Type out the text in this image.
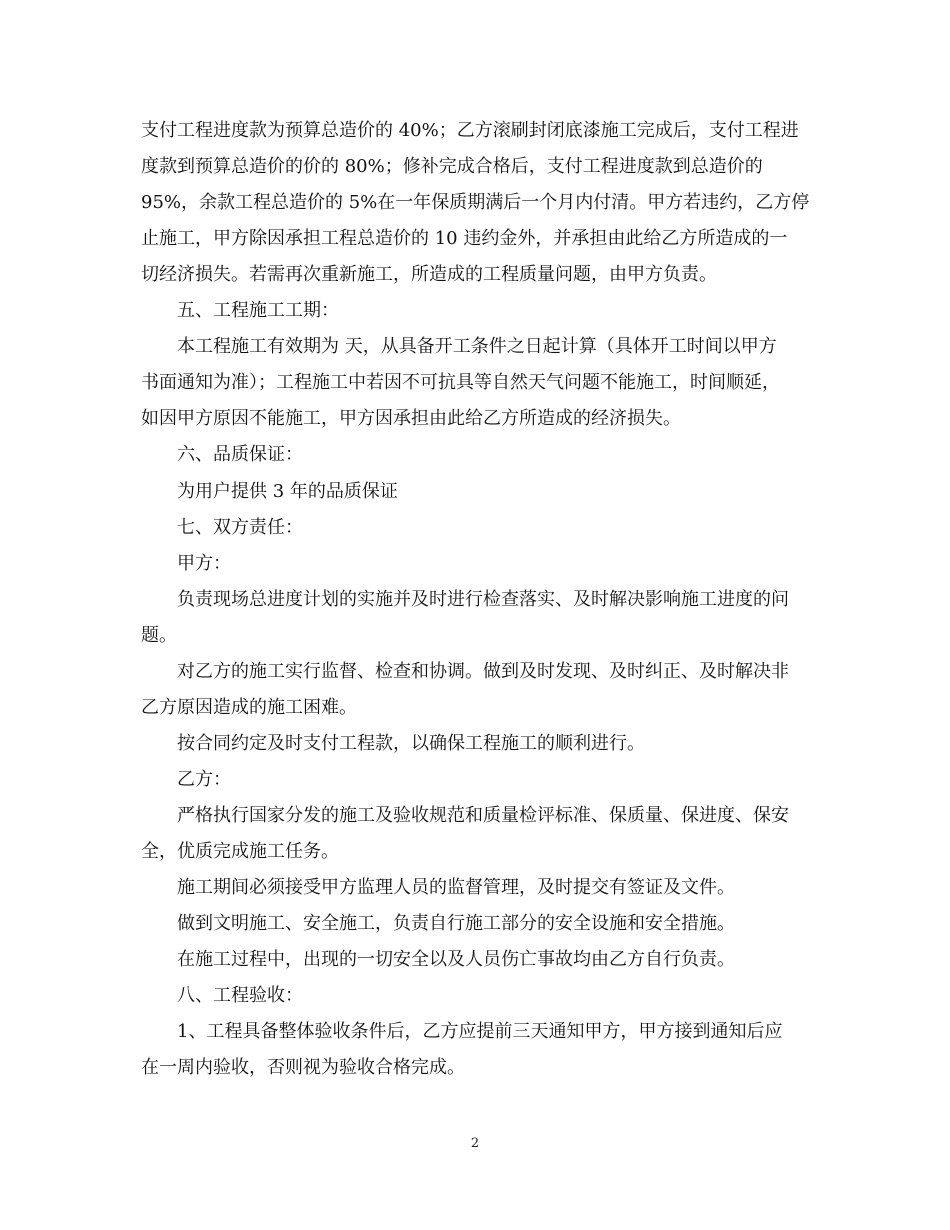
支付工程进度款为预算总造价的 40%；乙方滚刷封闭底漆施工完成后，支付工程进

度款到预算总造价的价的 80%；修补完成合格后，支付工程进度款到总造价的

95%，余款工程总造价的 5%在一年保质期满后一个月内付清。甲方若违约，乙方停

止施工，甲方除因承担工程总造价的 10 违约金外，并承担由此给乙方所造成的一

切经济损失。若需再次重新施工，所造成的工程质量问题，由甲方负责。

五、工程施工工期：

本工程施工有效期为 天，从具备开工条件之日起计算（具体开工时间以甲方

书面通知为准）；工程施工中若因不可抗具等自然天气问题不能施工，时间顺延，

如因甲方原因不能施工，甲方因承担由此给乙方所造成的经济损失。

六、品质保证：

为用户提供 3 年的品质保证

七、双方责任：

甲方：

负责现场总进度计划的实施并及时进行检查落实、及时解决影响施工进度的问

题。

对乙方的施工实行监督、检查和协调。做到及时发现、及时纠正、及时解决非

乙方原因造成的施工困难。

按合同约定及时支付工程款，以确保工程施工的顺利进行。

乙方：

严格执行国家分发的施工及验收规范和质量检评标准、保质量、保进度、保安

全，优质完成施工任务。

施工期间必须接受甲方监理人员的监督管理，及时提交有签证及文件。

做到文明施工、安全施工，负责自行施工部分的安全设施和安全措施。

在施工过程中，出现的一切安全以及人员伤亡事故均由乙方自行负责。

八、工程验收：

1、工程具备整体验收条件后，乙方应提前三天通知甲方，甲方接到通知后应

在一周内验收，否则视为验收合格完成。

2
